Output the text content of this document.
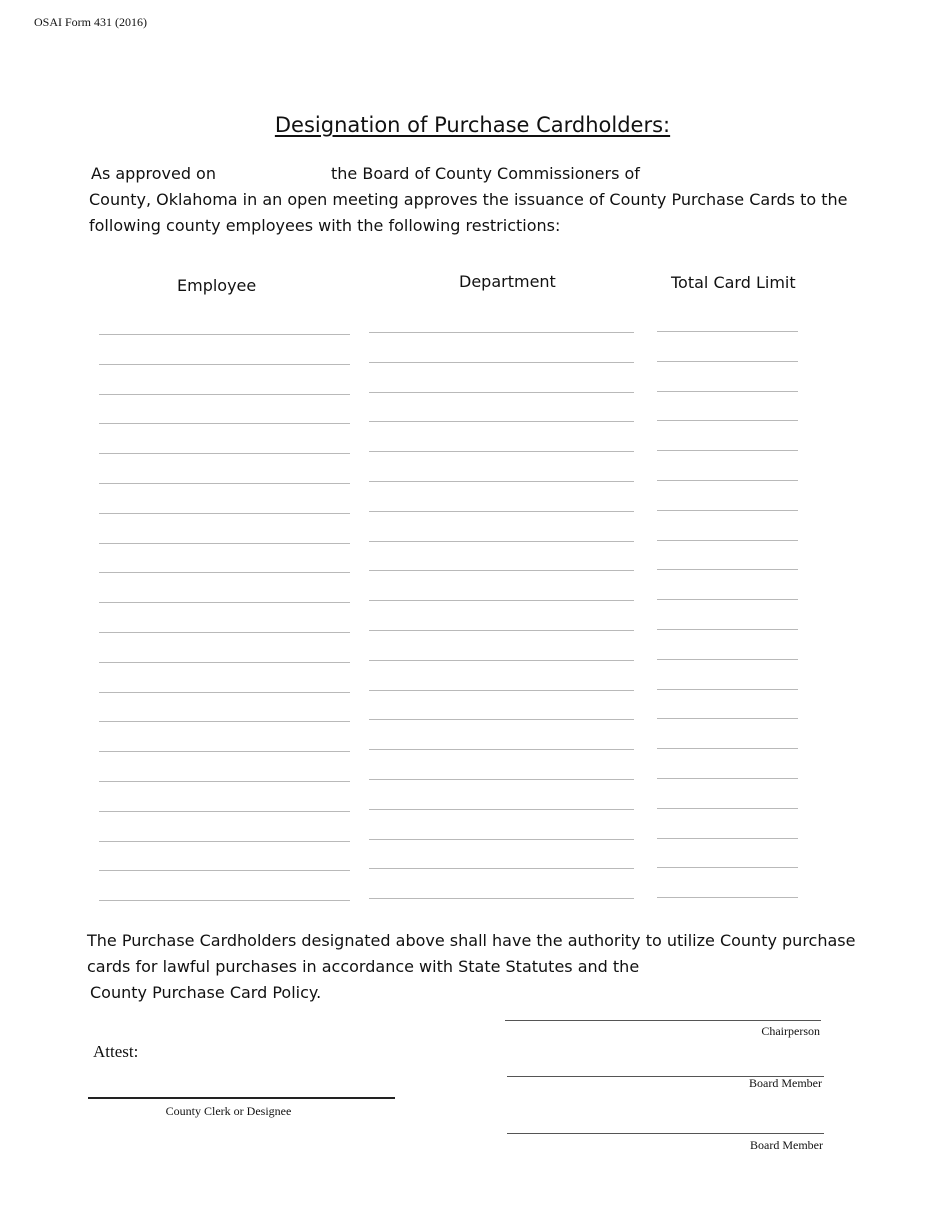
OSAI Form 431 (2016)
Designation of Purchase Cardholders:
As approved on	the Board of County Commissioners of
County, Oklahoma in an open meeting approves the issuance of County Purchase Cards to the
following county employees with the following restrictions:
Employee	Department	Total Card Limit
The Purchase Cardholders designated above shall have the authority to utilize County purchase
cards for lawful purchases in accordance with State Statutes and the
County Purchase Card Policy.
Chairperson
Attest:
Board Member
County Clerk or Designee
Board Member
